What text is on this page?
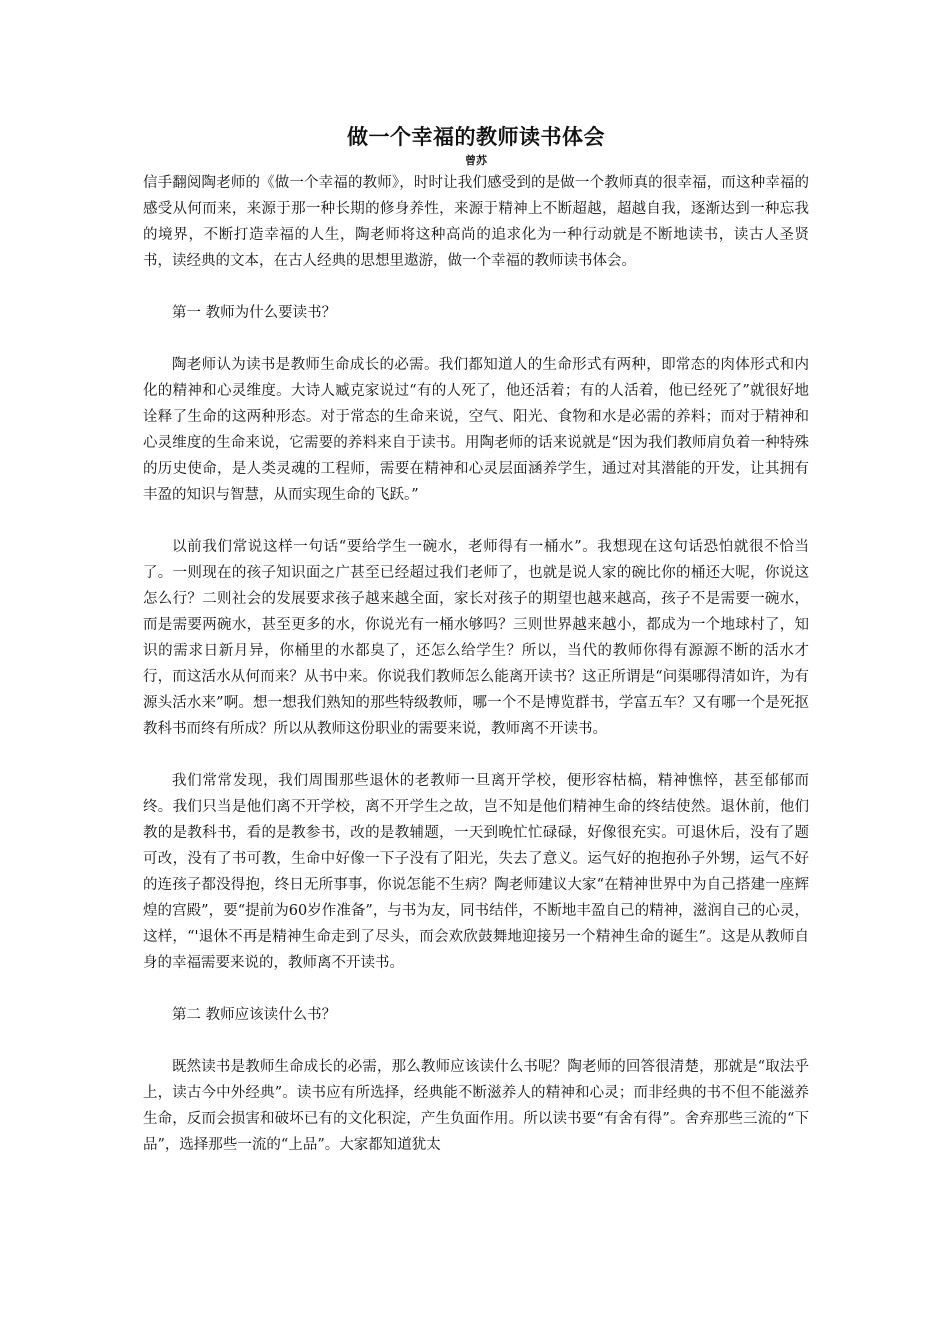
做一个幸福的教师读书体会

曾苏

信手翻阅陶老师的《做一个幸福的教师》，时时让我们感受到的是做一个教师真的很幸福，而这种幸福的感受从何而来，来源于那一种长期的修身养性，来源于精神上不断超越，超越自我，逐渐达到一种忘我的境界，不断打造幸福的人生，陶老师将这种高尚的追求化为一种行动就是不断地读书，读古人圣贤书，读经典的文本，在古人经典的思想里遨游，做一个幸福的教师读书体会。

第一 教师为什么要读书？

陶老师认为读书是教师生命成长的必需。我们都知道人的生命形式有两种，即常态的肉体形式和内化的精神和心灵维度。大诗人臧克家说过“有的人死了，他还活着；有的人活着，他已经死了”就很好地诠释了生命的这两种形态。对于常态的生命来说，空气、阳光、食物和水是必需的养料；而对于精神和心灵维度的生命来说，它需要的养料来自于读书。用陶老师的话来说就是“因为我们教师肩负着一种特殊的历史使命，是人类灵魂的工程师，需要在精神和心灵层面涵养学生，通过对其潜能的开发，让其拥有丰盈的知识与智慧，从而实现生命的飞跃。”

以前我们常说这样一句话“要给学生一碗水，老师得有一桶水”。我想现在这句话恐怕就很不恰当了。一则现在的孩子知识面之广甚至已经超过我们老师了，也就是说人家的碗比你的桶还大呢，你说这怎么行？二则社会的发展要求孩子越来越全面，家长对孩子的期望也越来越高，孩子不是需要一碗水，而是需要两碗水，甚至更多的水，你说光有一桶水够吗？三则世界越来越小，都成为一个地球村了，知识的需求日新月异，你桶里的水都臭了，还怎么给学生？所以，当代的教师你得有源源不断的活水才行，而这活水从何而来？从书中来。你说我们教师怎么能离开读书？这正所谓是“问渠哪得清如许，为有源头活水来”啊。想一想我们熟知的那些特级教师，哪一个不是博览群书，学富五车？又有哪一个是死抠教科书而终有所成？所以从教师这份职业的需要来说，教师离不开读书。

我们常常发现，我们周围那些退休的老教师一旦离开学校，便形容枯槁，精神憔悴，甚至郁郁而终。我们只当是他们离不开学校，离不开学生之故，岂不知是他们精神生命的终结使然。退休前，他们教的是教科书，看的是教参书，改的是教辅题，一天到晚忙忙碌碌，好像很充实。可退休后，没有了题可改，没有了书可教，生命中好像一下子没有了阳光，失去了意义。运气好的抱抱孙子外甥，运气不好的连孩子都没得抱，终日无所事事，你说怎能不生病？陶老师建议大家“在精神世界中为自己搭建一座辉煌的宫殿”，要“提前为60岁作准备”，与书为友，同书结伴，不断地丰盈自己的精神，滋润自己的心灵，这样，“'退休不再是精神生命走到了尽头，而会欢欣鼓舞地迎接另一个精神生命的诞生”。这是从教师自身的幸福需要来说的，教师离不开读书。

第二 教师应该读什么书？

既然读书是教师生命成长的必需，那么教师应该读什么书呢？陶老师的回答很清楚，那就是“取法乎上，读古今中外经典”。读书应有所选择，经典能不断滋养人的精神和心灵；而非经典的书不但不能滋养生命，反而会损害和破坏已有的文化积淀，产生负面作用。所以读书要“有舍有得”。舍弃那些三流的“下品”，选择那些一流的“上品”。大家都知道犹太
